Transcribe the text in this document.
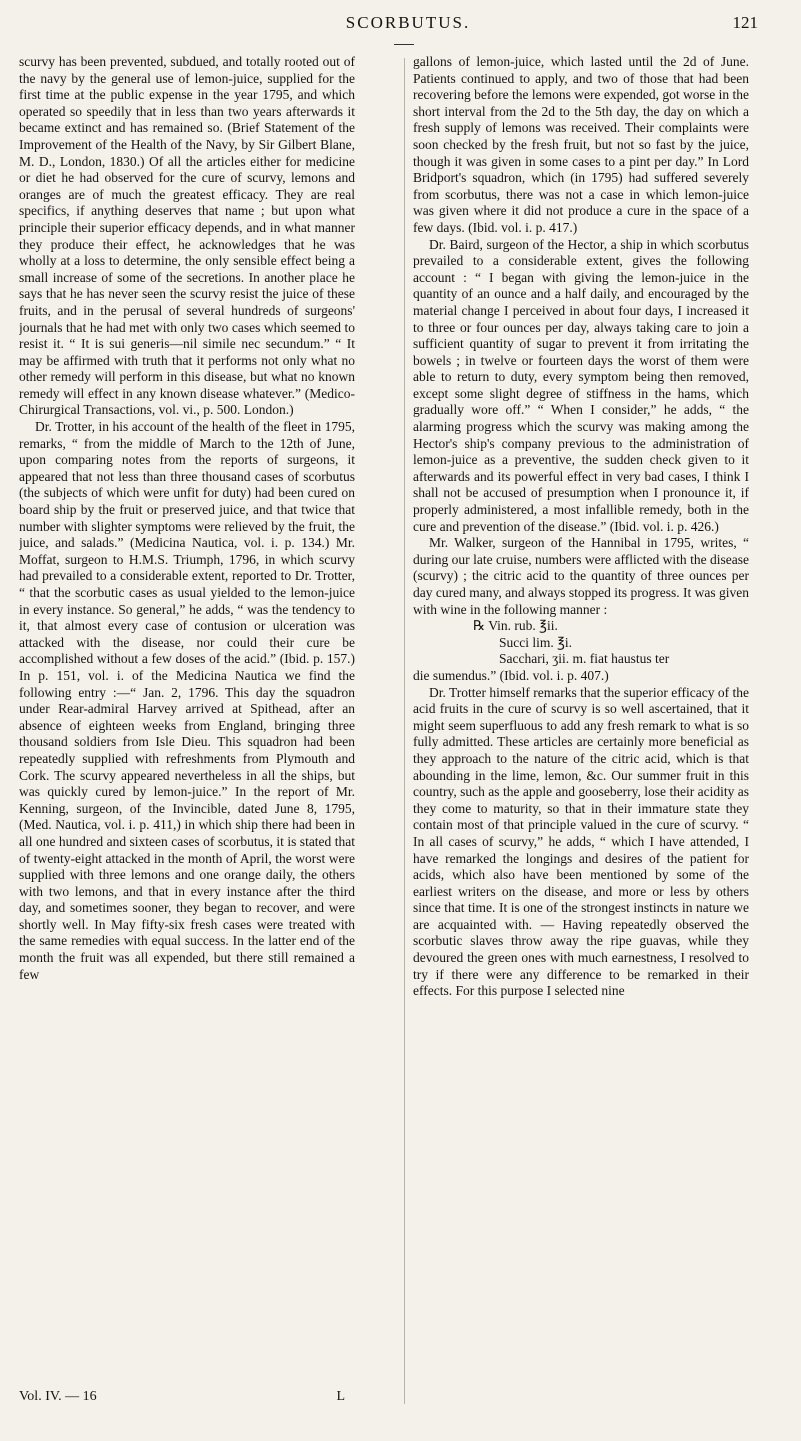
SCORBUTUS.	121

scurvy has been prevented, subdued, and totally rooted out of the navy by the general use of lemon-juice, supplied for the first time at the public expense in the year 1795, and which operated so speedily that in less than two years afterwards it became extinct and has remained so. (Brief Statement of the Improvement of the Health of the Navy, by Sir Gilbert Blane, M. D., London, 1830.) Of all the articles either for medicine or diet he had observed for the cure of scurvy, lemons and oranges are of much the greatest efficacy. They are real specifics, if anything deserves that name ; but upon what principle their superior efficacy depends, and in what manner they produce their effect, he acknowledges that he was wholly at a loss to determine, the only sensible effect being a small increase of some of the secretions. In another place he says that he has never seen the scurvy resist the juice of these fruits, and in the perusal of several hundreds of surgeons' journals that he had met with only two cases which seemed to resist it. “ It is sui generis—nil simile nec secundum.” “ It may be affirmed with truth that it performs not only what no other remedy will perform in this disease, but what no known remedy will effect in any known disease whatever.” (Medico-Chirurgical Transactions, vol. vi., p. 500. London.)

Dr. Trotter, in his account of the health of the fleet in 1795, remarks, “ from the middle of March to the 12th of June, upon comparing notes from the reports of surgeons, it appeared that not less than three thousand cases of scorbutus (the subjects of which were unfit for duty) had been cured on board ship by the fruit or preserved juice, and that twice that number with slighter symptoms were relieved by the fruit, the juice, and salads.” (Medicina Nautica, vol. i. p. 134.) Mr. Moffat, surgeon to H.M.S. Triumph, 1796, in which scurvy had prevailed to a considerable extent, reported to Dr. Trotter, “ that the scorbutic cases as usual yielded to the lemon-juice in every instance. So general,” he adds, “ was the tendency to it, that almost every case of contusion or ulceration was attacked with the disease, nor could their cure be accomplished without a few doses of the acid.” (Ibid. p. 157.) In p. 151, vol. i. of the Medicina Nautica we find the following entry :—“ Jan. 2, 1796. This day the squadron under Rear-admiral Harvey arrived at Spithead, after an absence of eighteen weeks from England, bringing three thousand soldiers from Isle Dieu. This squadron had been repeatedly supplied with refreshments from Plymouth and Cork. The scurvy appeared nevertheless in all the ships, but was quickly cured by lemon-juice.” In the report of Mr. Kenning, surgeon, of the Invincible, dated June 8, 1795, (Med. Nautica, vol. i. p. 411,) in which ship there had been in all one hundred and sixteen cases of scorbutus, it is stated that of twenty-eight attacked in the month of April, the worst were supplied with three lemons and one orange daily, the others with two lemons, and that in every instance after the third day, and sometimes sooner, they began to recover, and were shortly well. In May fifty-six fresh cases were treated with the same remedies with equal success. In the latter end of the month the fruit was all expended, but there still remained a few

gallons of lemon-juice, which lasted until the 2d of June. Patients continued to apply, and two of those that had been recovering before the lemons were expended, got worse in the short interval from the 2d to the 5th day, the day on which a fresh supply of lemons was received. Their complaints were soon checked by the fresh fruit, but not so fast by the juice, though it was given in some cases to a pint per day.” In Lord Bridport's squadron, which (in 1795) had suffered severely from scorbutus, there was not a case in which lemon-juice was given where it did not produce a cure in the space of a few days. (Ibid. vol. i. p. 417.)

Dr. Baird, surgeon of the Hector, a ship in which scorbutus prevailed to a considerable extent, gives the following account : “ I began with giving the lemon-juice in the quantity of an ounce and a half daily, and encouraged by the material change I perceived in about four days, I increased it to three or four ounces per day, always taking care to join a sufficient quantity of sugar to prevent it from irritating the bowels ; in twelve or fourteen days the worst of them were able to return to duty, every symptom being then removed, except some slight degree of stiffness in the hams, which gradually wore off.” “ When I consider,” he adds, “ the alarming progress which the scurvy was making among the Hector's ship's company previous to the administration of lemon-juice as a preventive, the sudden check given to it afterwards and its powerful effect in very bad cases, I think I shall not be accused of presumption when I pronounce it, if properly administered, a most infallible remedy, both in the cure and prevention of the disease.” (Ibid. vol. i. p. 426.)

Mr. Walker, surgeon of the Hannibal in 1795, writes, “ during our late cruise, numbers were afflicted with the disease (scurvy) ; the citric acid to the quantity of three ounces per day cured many, and always stopped its progress. It was given with wine in the following manner :

℞ Vin. rub. ℥ii.
Succi lim. ℥i.
Sacchari, ʒii. m. fiat haustus ter

die sumendus.” (Ibid. vol. i. p. 407.)

Dr. Trotter himself remarks that the superior efficacy of the acid fruits in the cure of scurvy is so well ascertained, that it might seem superfluous to add any fresh remark to what is so fully admitted. These articles are certainly more beneficial as they approach to the nature of the citric acid, which is that abounding in the lime, lemon, &c. Our summer fruit in this country, such as the apple and gooseberry, lose their acidity as they come to maturity, so that in their immature state they contain most of that principle valued in the cure of scurvy. “ In all cases of scurvy,” he adds, “ which I have attended, I have remarked the longings and desires of the patient for acids, which also have been mentioned by some of the earliest writers on the disease, and more or less by others since that time. It is one of the strongest instincts in nature we are acquainted with. — Having repeatedly observed the scorbutic slaves throw away the ripe guavas, while they devoured the green ones with much earnestness, I resolved to try if there were any difference to be remarked in their effects. For this purpose I selected nine

Vol. IV. — 16	L
